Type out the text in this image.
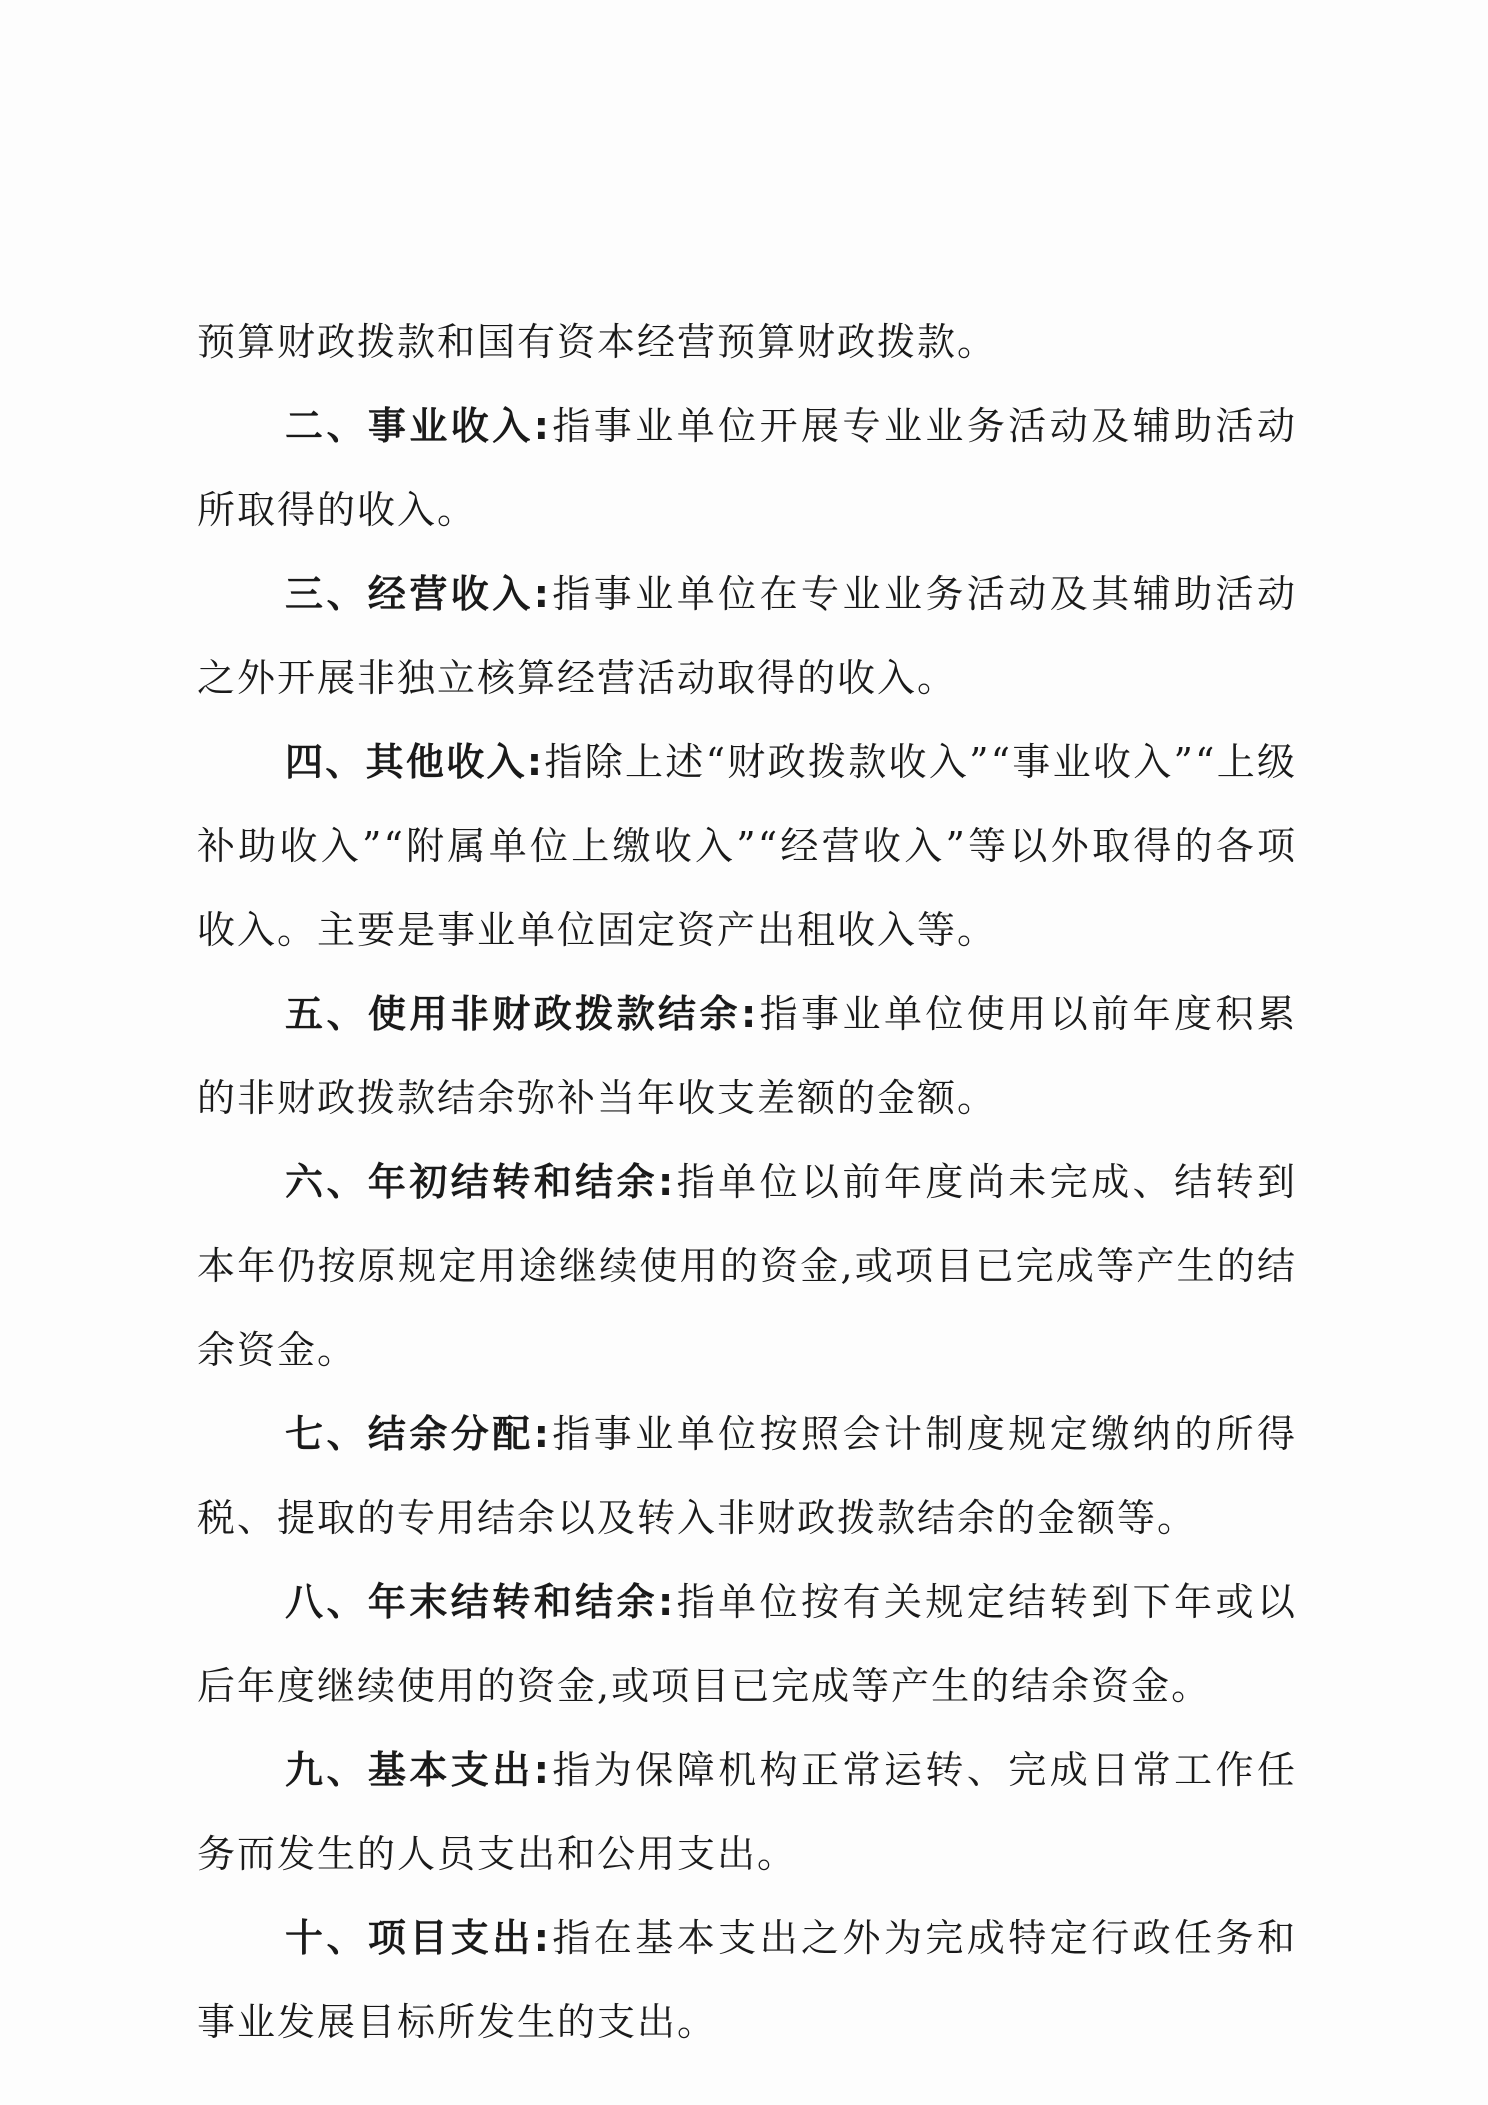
预算财政拨款和国有资本经营预算财政拨款。

二、事业收入:指事业单位开展专业业务活动及辅助活动所取得的收入。

三、经营收入:指事业单位在专业业务活动及其辅助活动之外开展非独立核算经营活动取得的收入。

四、其他收入:指除上述“财政拨款收入”“事业收入”“上级补助收入”“附属单位上缴收入”“经营收入”等以外取得的各项收入。主要是事业单位固定资产出租收入等。

五、使用非财政拨款结余:指事业单位使用以前年度积累的非财政拨款结余弥补当年收支差额的金额。

六、年初结转和结余:指单位以前年度尚未完成、结转到本年仍按原规定用途继续使用的资金,或项目已完成等产生的结余资金。

七、结余分配:指事业单位按照会计制度规定缴纳的所得税、提取的专用结余以及转入非财政拨款结余的金额等。

八、年末结转和结余:指单位按有关规定结转到下年或以后年度继续使用的资金,或项目已完成等产生的结余资金。

九、基本支出:指为保障机构正常运转、完成日常工作任务而发生的人员支出和公用支出。

十、项目支出:指在基本支出之外为完成特定行政任务和事业发展目标所发生的支出。
